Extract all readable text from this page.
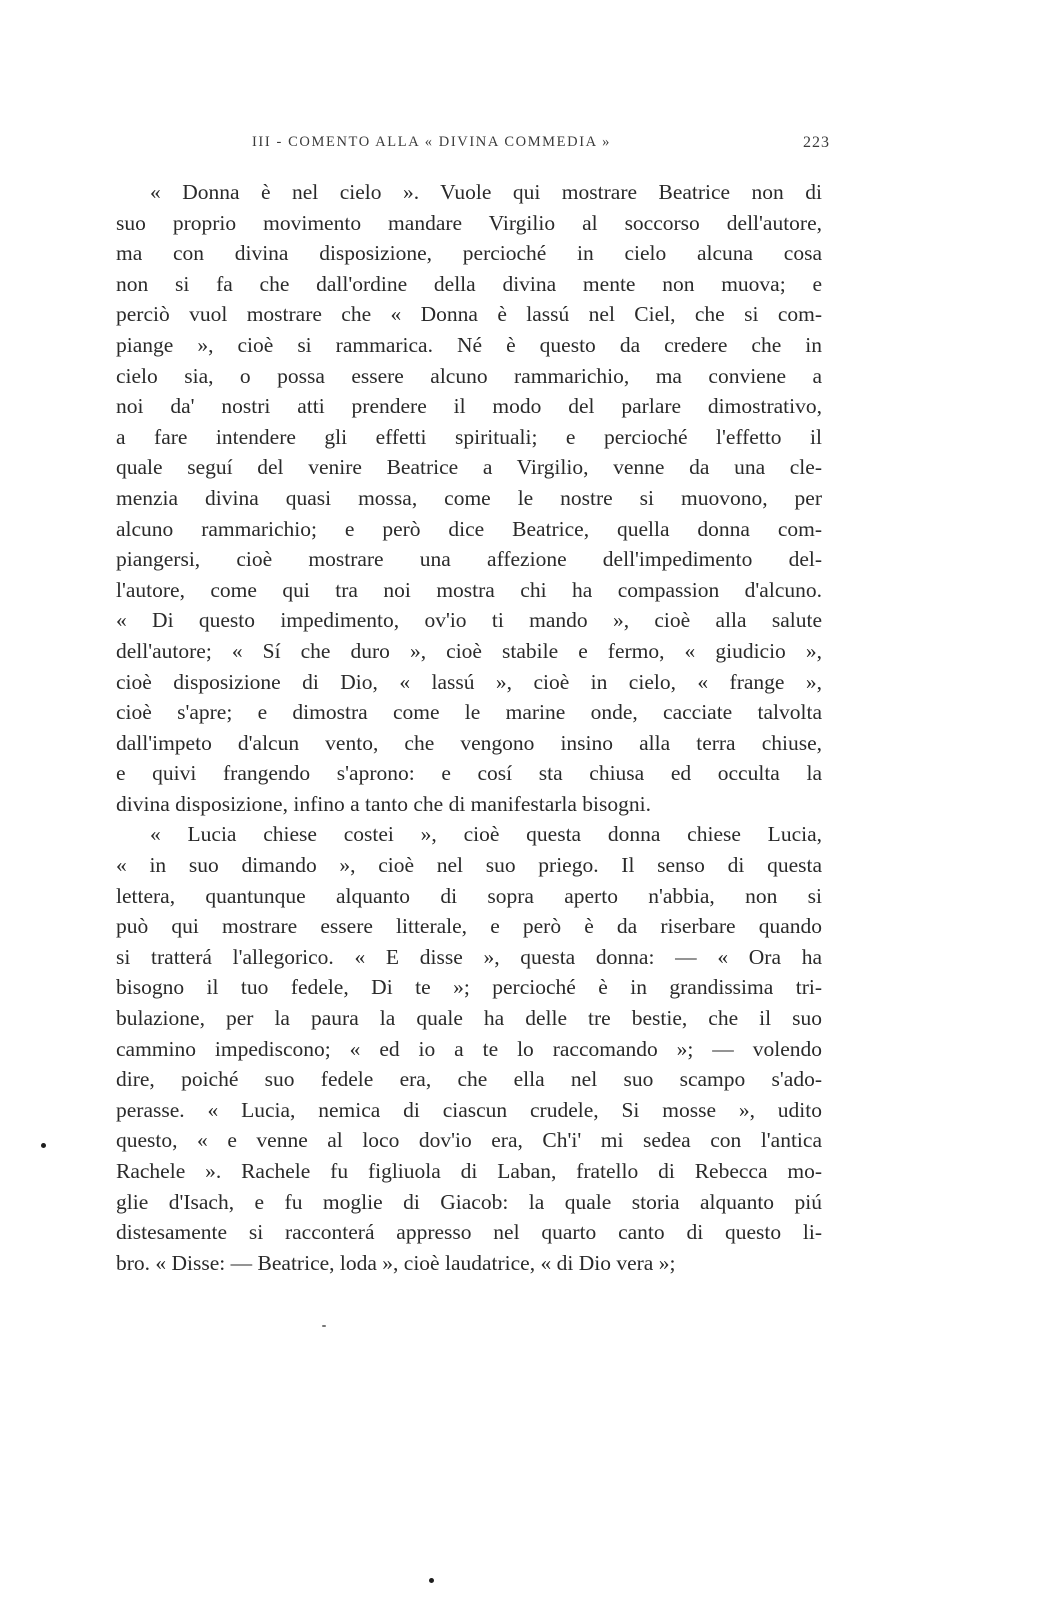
III - COMENTO ALLA « DIVINA COMMEDIA »	223

« Donna è nel cielo ». Vuole qui mostrare Beatrice non di
suo proprio movimento mandare Virgilio al soccorso dell'autore,
ma con divina disposizione, percioché in cielo alcuna cosa
non si fa che dall'ordine della divina mente non muova; e
perciò vuol mostrare che « Donna è lassú nel Ciel, che si com-
piange », cioè si rammarica. Né è questo da credere che in
cielo sia, o possa essere alcuno rammarichio, ma conviene a
noi da' nostri atti prendere il modo del parlare dimostrativo,
a fare intendere gli effetti spirituali; e percioché l'effetto il
quale seguí del venire Beatrice a Virgilio, venne da una cle-
menzia divina quasi mossa, come le nostre si muovono, per
alcuno rammarichio; e però dice Beatrice, quella donna com-
piangersi, cioè mostrare una affezione dell'impedimento del-
l'autore, come qui tra noi mostra chi ha compassion d'alcuno.
« Di questo impedimento, ov'io ti mando », cioè alla salute
dell'autore; « Sí che duro », cioè stabile e fermo, « giudicio »,
cioè disposizione di Dio, « lassú », cioè in cielo, « frange »,
cioè s'apre; e dimostra come le marine onde, cacciate talvolta
dall'impeto d'alcun vento, che vengono insino alla terra chiuse,
e quivi frangendo s'aprono: e cosí sta chiusa ed occulta la
divina disposizione, infino a tanto che di manifestarla bisogni.

« Lucia chiese costei », cioè questa donna chiese Lucia,
« in suo dimando », cioè nel suo priego. Il senso di questa
lettera, quantunque alquanto di sopra aperto n'abbia, non si
può qui mostrare essere litterale, e però è da riserbare quando
si tratterá l'allegorico. « E disse », questa donna: — « Ora ha
bisogno il tuo fedele, Di te »; percioché è in grandissima tri-
bulazione, per la paura la quale ha delle tre bestie, che il suo
cammino impediscono; « ed io a te lo raccomando »; — volendo
dire, poiché suo fedele era, che ella nel suo scampo s'ado-
perasse. « Lucia, nemica di ciascun crudele, Si mosse », udito
questo, « e venne al loco dov'io era, Ch'i' mi sedea con l'antica
Rachele ». Rachele fu figliuola di Laban, fratello di Rebecca mo-
glie d'Isach, e fu moglie di Giacob: la quale storia alquanto piú
distesamente si racconterá appresso nel quarto canto di questo li-
bro. « Disse: — Beatrice, loda », cioè laudatrice, « di Dio vera »;
